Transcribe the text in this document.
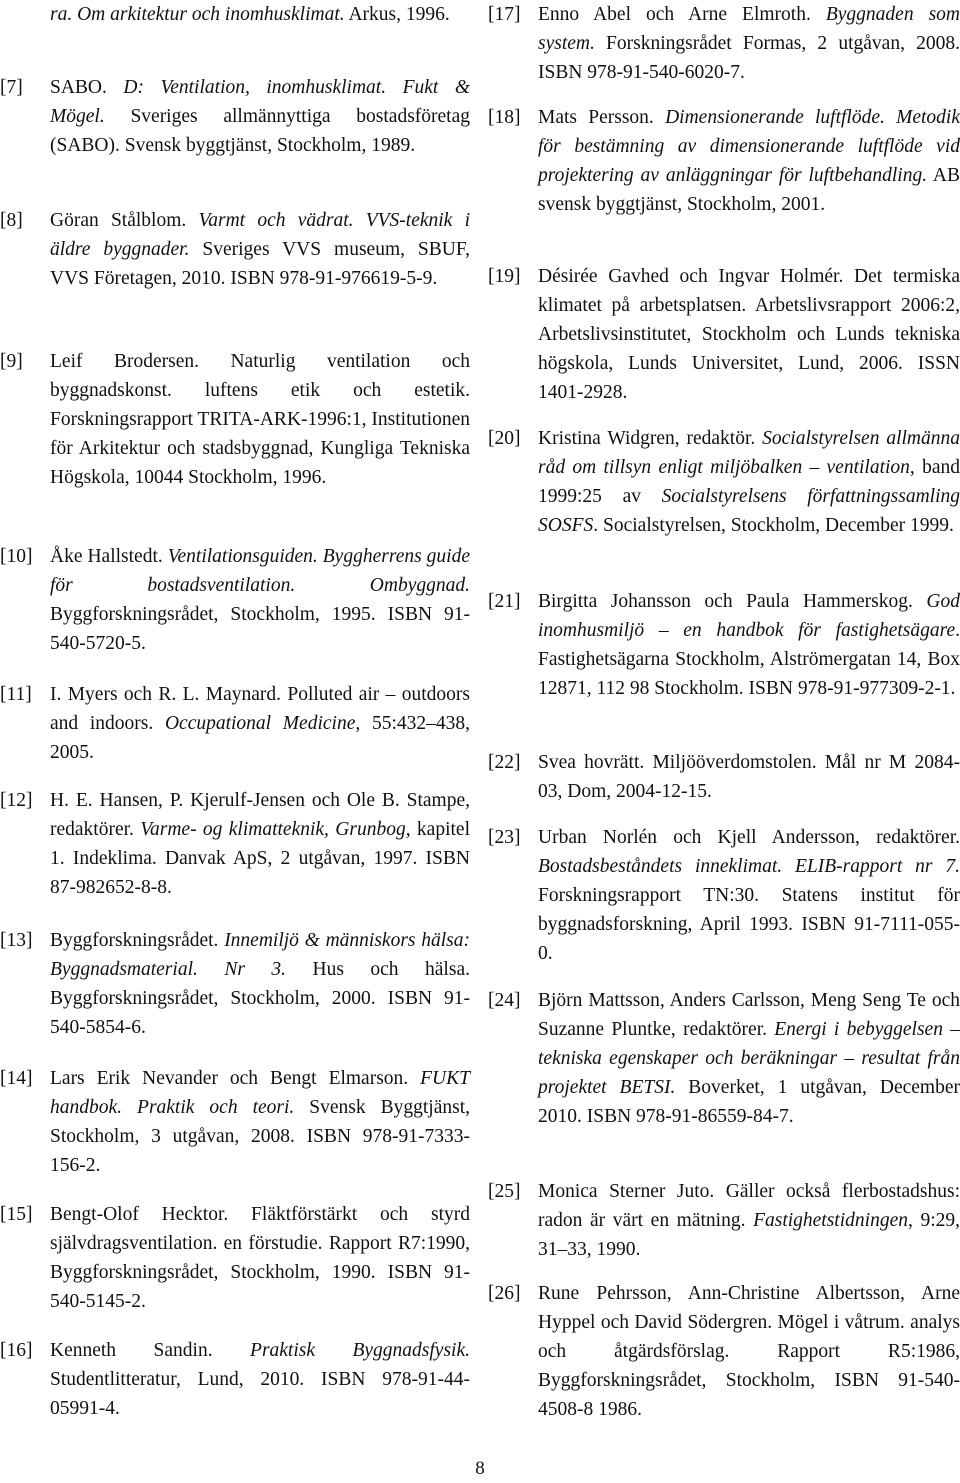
ra. Om arkitektur och inomhusklimat. Arkus, 1996.
[7] SABO. D: Ventilation, inomhusklimat. Fukt & Mögel. Sveriges allmännyttiga bostadsföretag (SABO). Svensk byggtjänst, Stockholm, 1989.
[8] Göran Stålblom. Varmt och vädrat. VVS-teknik i äldre byggnader. Sveriges VVS museum, SBUF, VVS Företagen, 2010. ISBN 978-91-976619-5-9.
[9] Leif Brodersen. Naturlig ventilation och byggnadskonst. luftens etik och estetik. Forskningsrapport TRITA-ARK-1996:1, Institutionen för Arkitektur och stadsbyggnad, Kungliga Tekniska Högskola, 10044 Stockholm, 1996.
[10] Åke Hallstedt. Ventilationsguiden. Byggherrens guide för bostadsventilation. Ombyggnad. Byggforskningsrådet, Stockholm, 1995. ISBN 91-540-5720-5.
[11] I. Myers och R. L. Maynard. Polluted air – outdoors and indoors. Occupational Medicine, 55:432–438, 2005.
[12] H. E. Hansen, P. Kjerulf-Jensen och Ole B. Stampe, redaktörer. Varme- og klimatteknik, Grunbog, kapitel 1. Indeklima. Danvak ApS, 2 utgåvan, 1997. ISBN 87-982652-8-8.
[13] Byggforskningsrådet. Innemiljö & människors hälsa: Byggnadsmaterial. Nr 3. Hus och hälsa. Byggforskningsrådet, Stockholm, 2000. ISBN 91-540-5854-6.
[14] Lars Erik Nevander och Bengt Elmarson. FUKT handbok. Praktik och teori. Svensk Byggtjänst, Stockholm, 3 utgåvan, 2008. ISBN 978-91-7333-156-2.
[15] Bengt-Olof Hecktor. Fläktförstärkt och styrd självdragsventilation. en förstudie. Rapport R7:1990, Byggforskningsrådet, Stockholm, 1990. ISBN 91-540-5145-2.
[16] Kenneth Sandin. Praktisk Byggnadsfysik. Studentlitteratur, Lund, 2010. ISBN 978-91-44-05991-4.
[17] Enno Abel och Arne Elmroth. Byggnaden som system. Forskningsrådet Formas, 2 utgåvan, 2008. ISBN 978-91-540-6020-7.
[18] Mats Persson. Dimensionerande luftflöde. Metodik för bestämning av dimensionerande luftflöde vid projektering av anläggningar för luftbehandling. AB svensk byggtjänst, Stockholm, 2001.
[19] Désirée Gavhed och Ingvar Holmér. Det termiska klimatet på arbetsplatsen. Arbetslivsrapport 2006:2, Arbetslivsinstitutet, Stockholm och Lunds tekniska högskola, Lunds Universitet, Lund, 2006. ISSN 1401-2928.
[20] Kristina Widgren, redaktör. Socialstyrelsen allmänna råd om tillsyn enligt miljöbalken – ventilation, band 1999:25 av Socialstyrelsens författningssamling SOSFS. Socialstyrelsen, Stockholm, December 1999.
[21] Birgitta Johansson och Paula Hammerskog. God inomhusmiljö – en handbok för fastighetsägare. Fastighetsägarna Stockholm, Alströmergatan 14, Box 12871, 112 98 Stockholm. ISBN 978-91-977309-2-1.
[22] Svea hovrätt. Miljööverdomstolen. Mål nr M 2084-03, Dom, 2004-12-15.
[23] Urban Norlén och Kjell Andersson, redaktörer. Bostadsbeståndets inneklimat. ELIB-rapport nr 7. Forskningsrapport TN:30. Statens institut för byggnadsforskning, April 1993. ISBN 91-7111-055-0.
[24] Björn Mattsson, Anders Carlsson, Meng Seng Te och Suzanne Pluntke, redaktörer. Energi i bebyggelsen – tekniska egenskaper och beräkningar – resultat från projektet BETSI. Boverket, 1 utgåvan, December 2010. ISBN 978-91-86559-84-7.
[25] Monica Sterner Juto. Gäller också flerbostadshus: radon är värt en mätning. Fastighetstidningen, 9:29, 31–33, 1990.
[26] Rune Pehrsson, Ann-Christine Albertsson, Arne Hyppel och David Södergren. Mögel i våtrum. analys och åtgärdsförslag. Rapport R5:1986, Byggforskningsrådet, Stockholm, ISBN 91-540-4508-8 1986.
8
